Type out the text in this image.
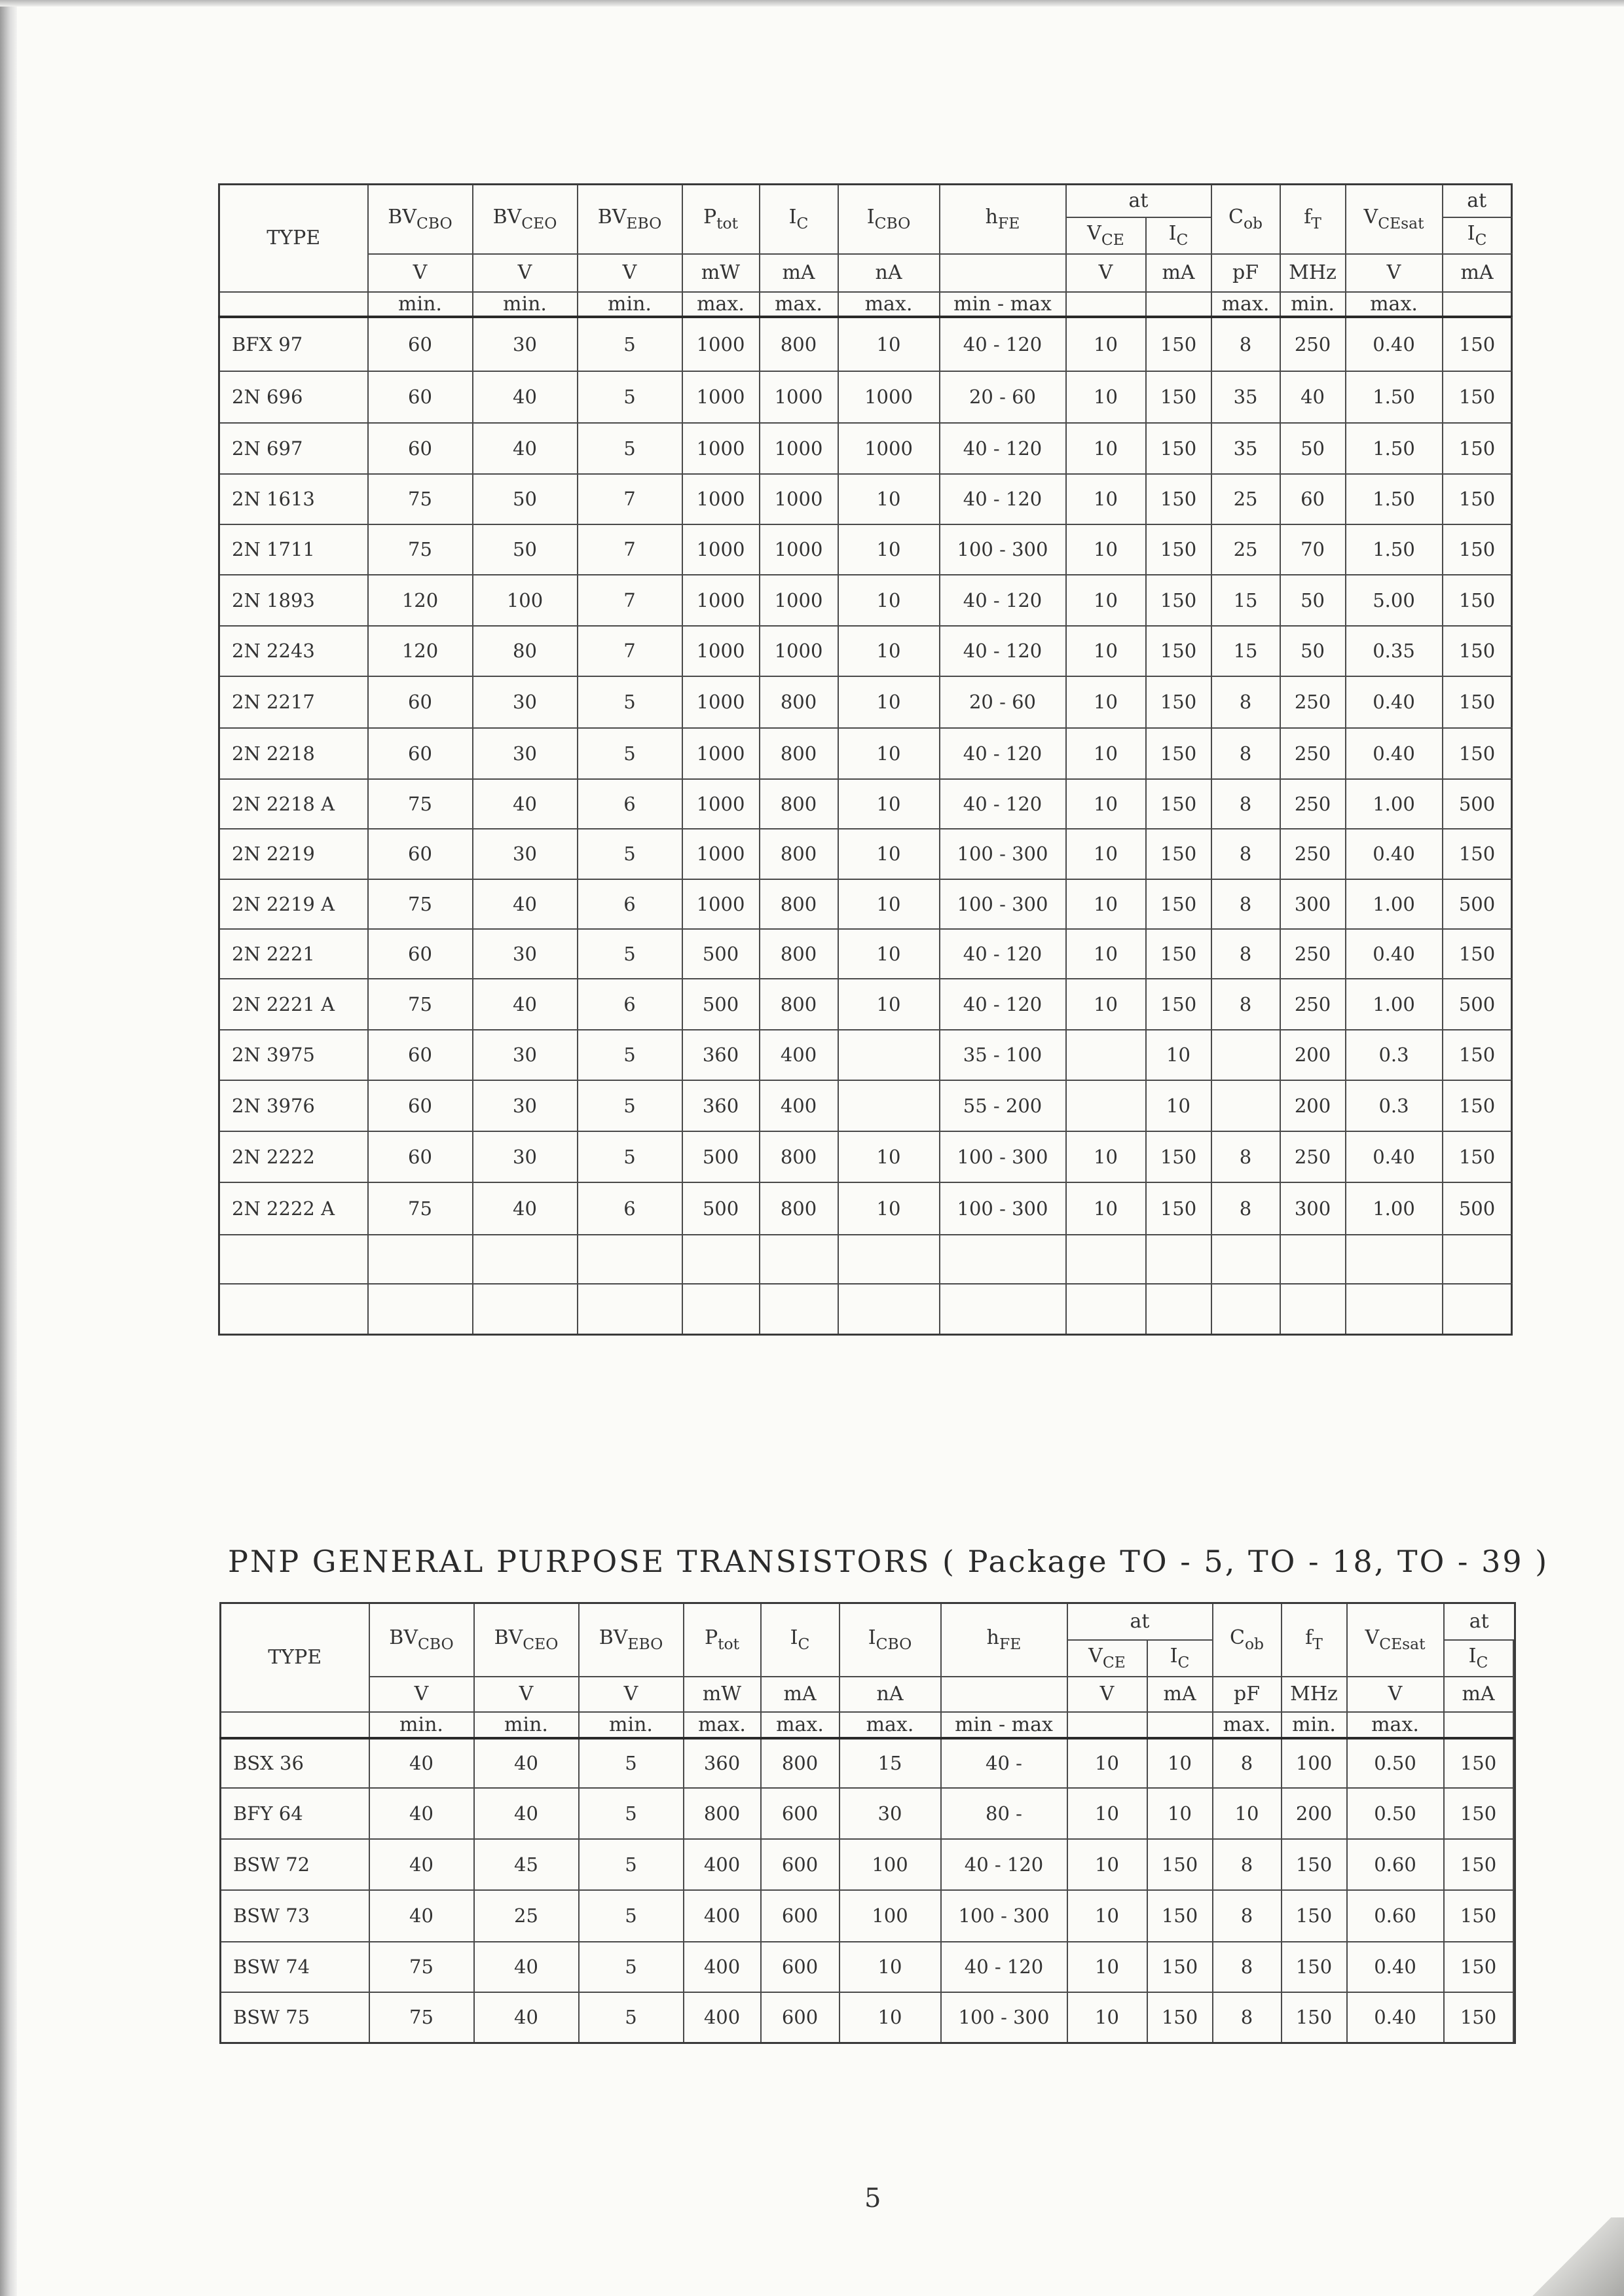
TYPE	$BV_{CBO}$	$BV_{CEO}$	$BV_{EBO}$	$P_{tot}$	$I_C$	$I_{CBO}$	$h_{FE}$	at		$C_{ob}$	$f_T$	$V_{CEsat}$	at
								$V_{CE}$	$I_C$				$I_C$
	V	V	V	mW	mA	nA		V	mA	pF	MHz	V	mA
	min.	min.	min.	max.	max.	max.	min - max			max.	min.	max.	
BFX 97	60	30	5	1000	800	10	40 - 120	10	150	8	250	0.40	150
2N 696	60	40	5	1000	1000	1000	20 - 60	10	150	35	40	1.50	150
2N 697	60	40	5	1000	1000	1000	40 - 120	10	150	35	50	1.50	150
2N 1613	75	50	7	1000	1000	10	40 - 120	10	150	25	60	1.50	150
2N 1711	75	50	7	1000	1000	10	100 - 300	10	150	25	70	1.50	150
2N 1893	120	100	7	1000	1000	10	40 - 120	10	150	15	50	5.00	150
2N 2243	120	80	7	1000	1000	10	40 - 120	10	150	15	50	0.35	150
2N 2217	60	30	5	1000	800	10	20 - 60	10	150	8	250	0.40	150
2N 2218	60	30	5	1000	800	10	40 - 120	10	150	8	250	0.40	150
2N 2218 A	75	40	6	1000	800	10	40 - 120	10	150	8	250	1.00	500
2N 2219	60	30	5	1000	800	10	100 - 300	10	150	8	250	0.40	150
2N 2219 A	75	40	6	1000	800	10	100 - 300	10	150	8	300	1.00	500
2N 2221	60	30	5	500	800	10	40 - 120	10	150	8	250	0.40	150
2N 2221 A	75	40	6	500	800	10	40 - 120	10	150	8	250	1.00	500
2N 3975	60	30	5	360	400		35 - 100		10		200	0.3	150
2N 3976	60	30	5	360	400		55 - 200		10		200	0.3	150
2N 2222	60	30	5	500	800	10	100 - 300	10	150	8	250	0.40	150
2N 2222 A	75	40	6	500	800	10	100 - 300	10	150	8	300	1.00	500

PNP GENERAL PURPOSE TRANSISTORS ( Package TO - 5, TO - 18, TO - 39 )
TYPE	$BV_{CBO}$	$BV_{CEO}$	$BV_{EBO}$	$P_{tot}$	$I_C$	$I_{CBO}$	$h_{FE}$	at		$C_{ob}$	$f_T$	$V_{CEsat}$	at
								$V_{CE}$	$I_C$				$I_C$
	V	V	V	mW	mA	nA		V	mA	pF	MHz	V	mA
	min.	min.	min.	max.	max.	max.	min - max			max.	min.	max.	
BSX 36	40	40	5	360	800	15	40 -	10	10	8	100	0.50	150
BFY 64	40	40	5	800	600	30	80 -	10	10	10	200	0.50	150
BSW 72	40	45	5	400	600	100	40 - 120	10	150	8	150	0.60	150
BSW 73	40	25	5	400	600	100	100 - 300	10	150	8	150	0.60	150
BSW 74	75	40	5	400	600	10	40 - 120	10	150	8	150	0.40	150
BSW 75	75	40	5	400	600	10	100 - 300	10	150	8	150	0.40	150
5
